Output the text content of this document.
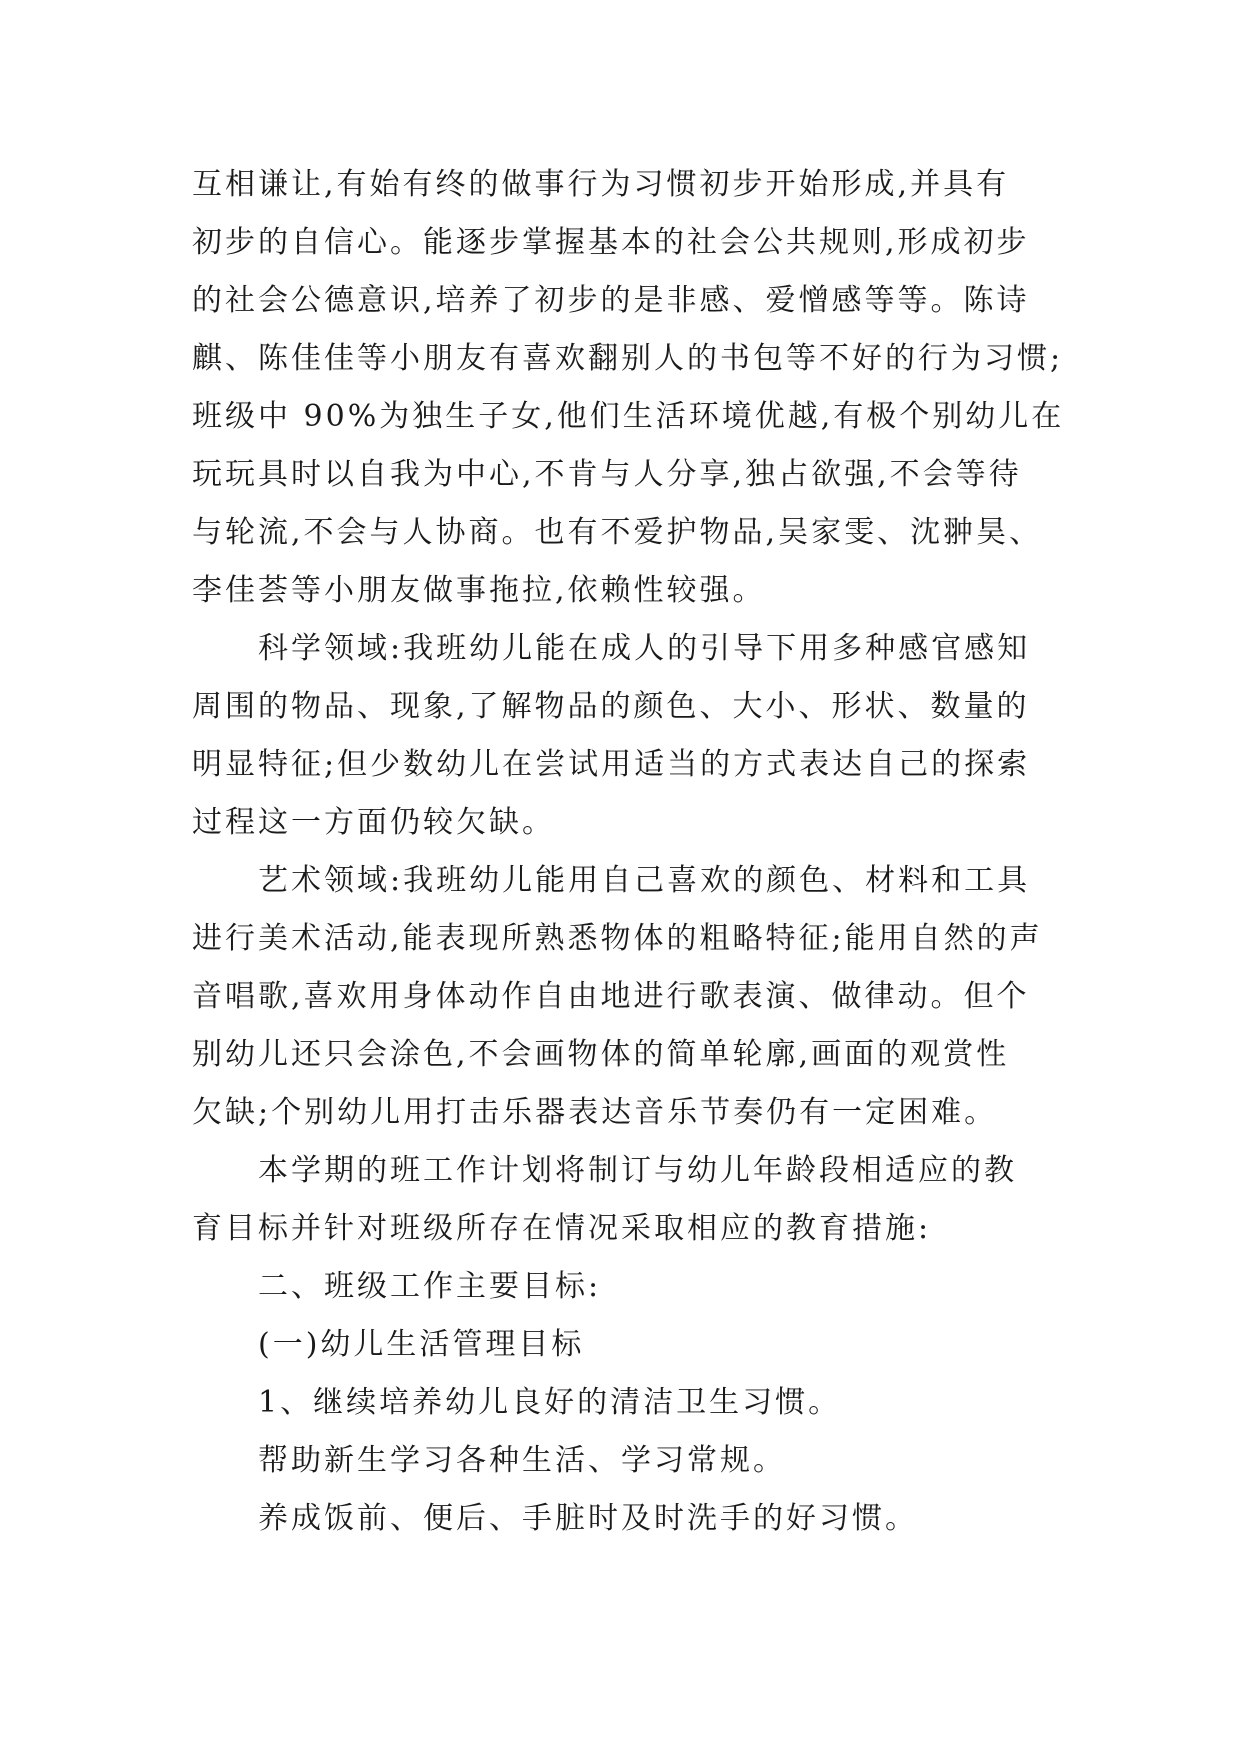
互相谦让,有始有终的做事行为习惯初步开始形成,并具有
初步的自信心。能逐步掌握基本的社会公共规则,形成初步
的社会公德意识,培养了初步的是非感、爱憎感等等。陈诗
麒、陈佳佳等小朋友有喜欢翻别人的书包等不好的行为习惯;
班级中 90%为独生子女,他们生活环境优越,有极个别幼儿在
玩玩具时以自我为中心,不肯与人分享,独占欲强,不会等待
与轮流,不会与人协商。也有不爱护物品,吴家雯、沈翀昊、
李佳荟等小朋友做事拖拉,依赖性较强。
科学领域:我班幼儿能在成人的引导下用多种感官感知
周围的物品、现象,了解物品的颜色、大小、形状、数量的
明显特征;但少数幼儿在尝试用适当的方式表达自己的探索
过程这一方面仍较欠缺。
艺术领域:我班幼儿能用自己喜欢的颜色、材料和工具
进行美术活动,能表现所熟悉物体的粗略特征;能用自然的声
音唱歌,喜欢用身体动作自由地进行歌表演、做律动。但个
别幼儿还只会涂色,不会画物体的简单轮廓,画面的观赏性
欠缺;个别幼儿用打击乐器表达音乐节奏仍有一定困难。
本学期的班工作计划将制订与幼儿年龄段相适应的教
育目标并针对班级所存在情况采取相应的教育措施:
二、班级工作主要目标:
(一)幼儿生活管理目标
1、继续培养幼儿良好的清洁卫生习惯。
帮助新生学习各种生活、学习常规。
养成饭前、便后、手脏时及时洗手的好习惯。
